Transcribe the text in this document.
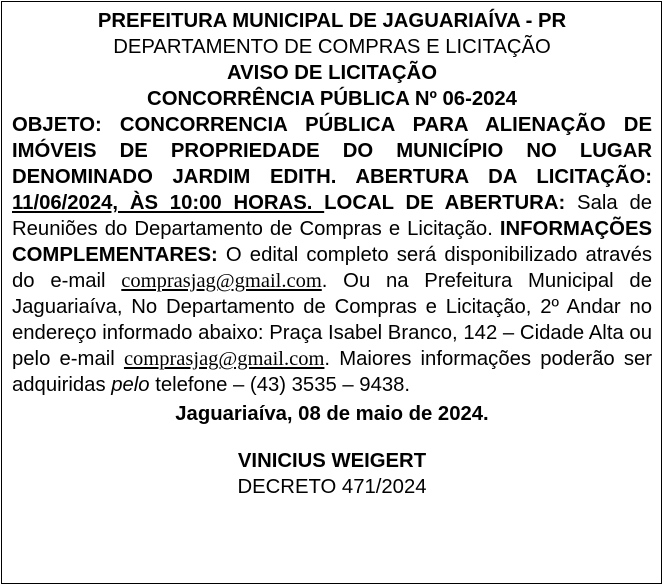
PREFEITURA MUNICIPAL DE JAGUARIAÍVA - PR

DEPARTAMENTO DE COMPRAS E LICITAÇÃO

AVISO DE LICITAÇÃO

CONCORRÊNCIA PÚBLICA Nº 06-2024

OBJETO: CONCORRENCIA PÚBLICA PARA ALIENAÇÃO DE IMÓVEIS DE PROPRIEDADE DO MUNICÍPIO NO LUGAR DENOMINADO JARDIM EDITH. ABERTURA DA LICITAÇÃO: 11/06/2024, ÀS 10:00 HORAS. LOCAL DE ABERTURA: Sala de Reuniões do Departamento de Compras e Licitação. INFORMAÇÕES COMPLEMENTARES: O edital completo será disponibilizado através do e-mail comprasjag@gmail.com. Ou na Prefeitura Municipal de Jaguariaíva, No Departamento de Compras e Licitação, 2º Andar no endereço informado abaixo: Praça Isabel Branco, 142 – Cidade Alta ou pelo e-mail comprasjag@gmail.com. Maiores informações poderão ser adquiridas pelo telefone – (43) 3535 – 9438.

Jaguariaíva, 08 de maio de 2024.

VINICIUS WEIGERT

DECRETO 471/2024
